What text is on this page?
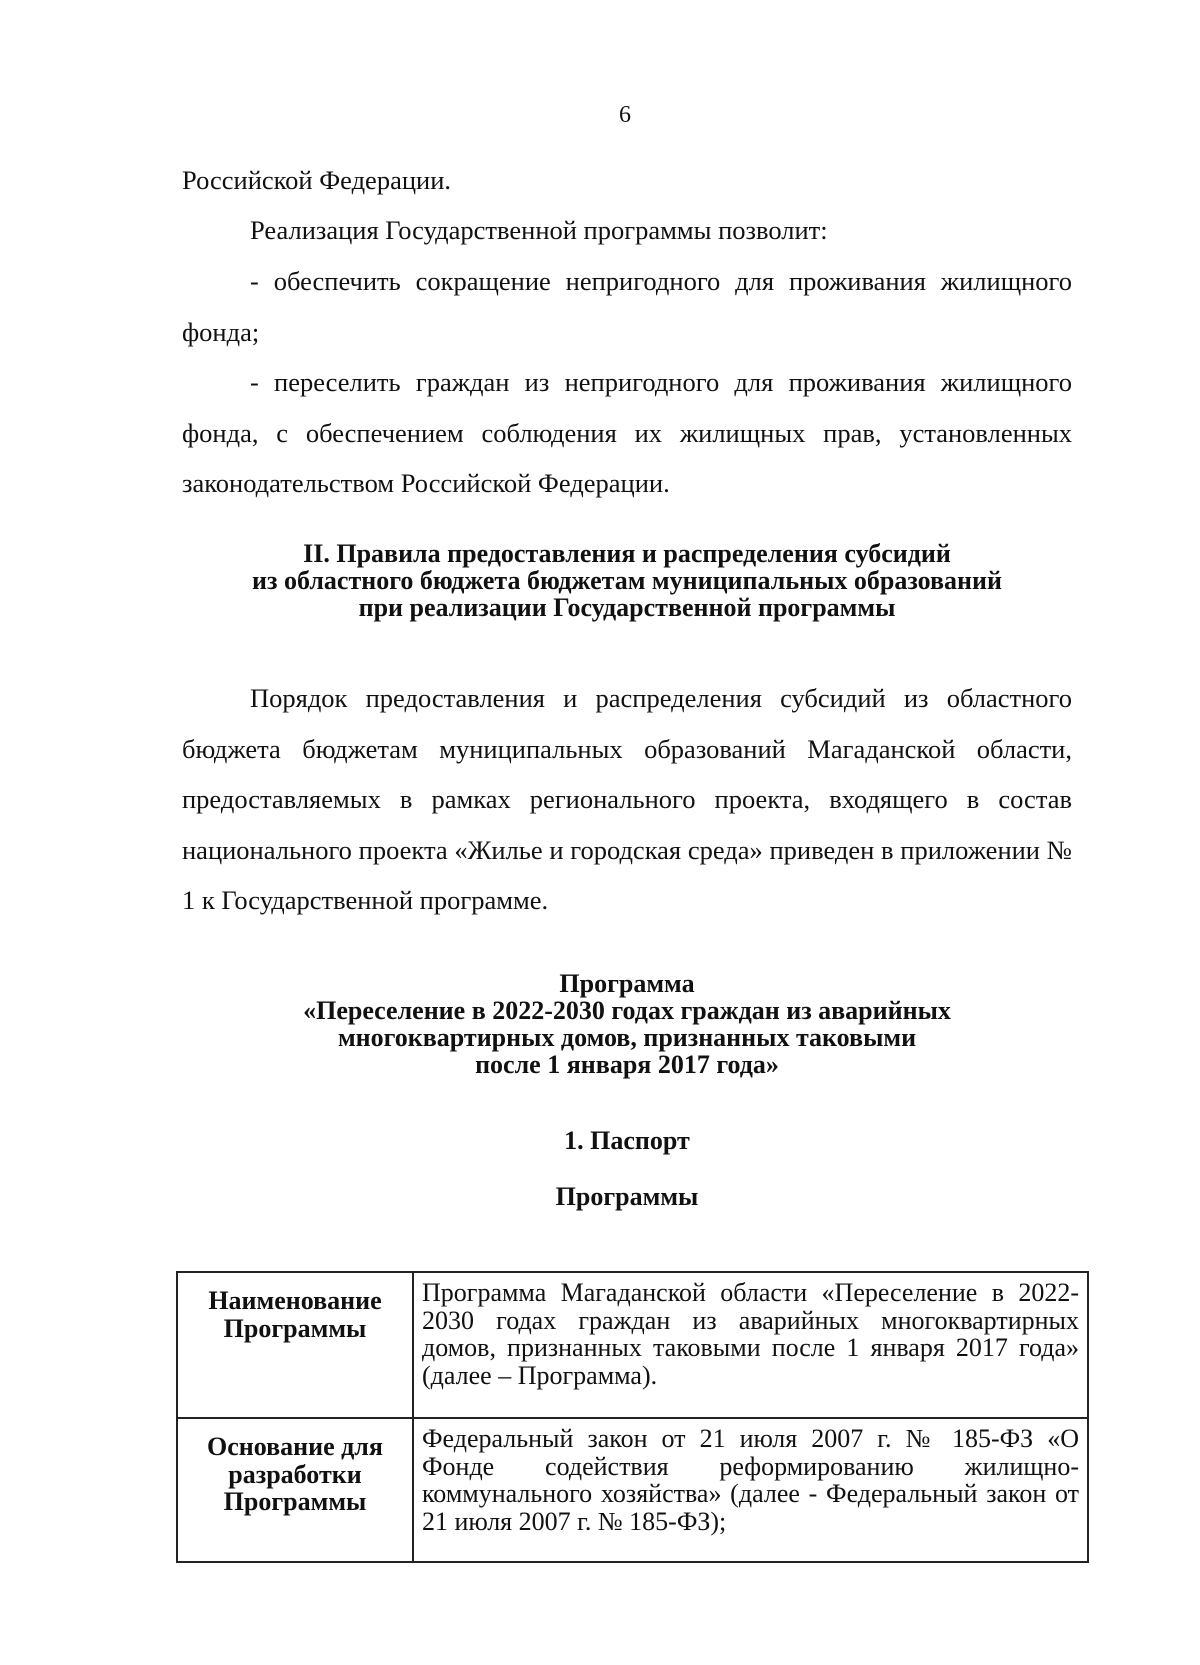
6

Российской Федерации.

Реализация Государственной программы позволит:

- обеспечить сокращение непригодного для проживания жилищного фонда;

- переселить граждан из непригодного для проживания жилищного фонда, с обеспечением соблюдения их жилищных прав, установленных законодательством Российской Федерации.

II. Правила предоставления и распределения субсидий
из областного бюджета бюджетам муниципальных образований
при реализации Государственной программы

Порядок предоставления и распределения субсидий из областного бюджета бюджетам муниципальных образований Магаданской области, предоставляемых в рамках регионального проекта, входящего в состав национального проекта «Жилье и городская среда» приведен в приложении № 1 к Государственной программе.

Программа
«Переселение в 2022-2030 годах граждан из аварийных
многоквартирных домов, признанных таковыми
после 1 января 2017 года»
1. Паспорт
Программы
Наименование
Программы	Программа Магаданской области «Переселение в 2022-2030 годах граждан из аварийных многоквартирных домов, признанных таковыми после 1 января 2017 года» (далее – Программа).

Основание для
разработки
Программы	Федеральный закон от 21 июля 2007 г. № 185-ФЗ «О Фонде содействия реформированию жилищно-коммунального хозяйства» (далее - Федеральный закон от 21 июля 2007 г. № 185-ФЗ);
